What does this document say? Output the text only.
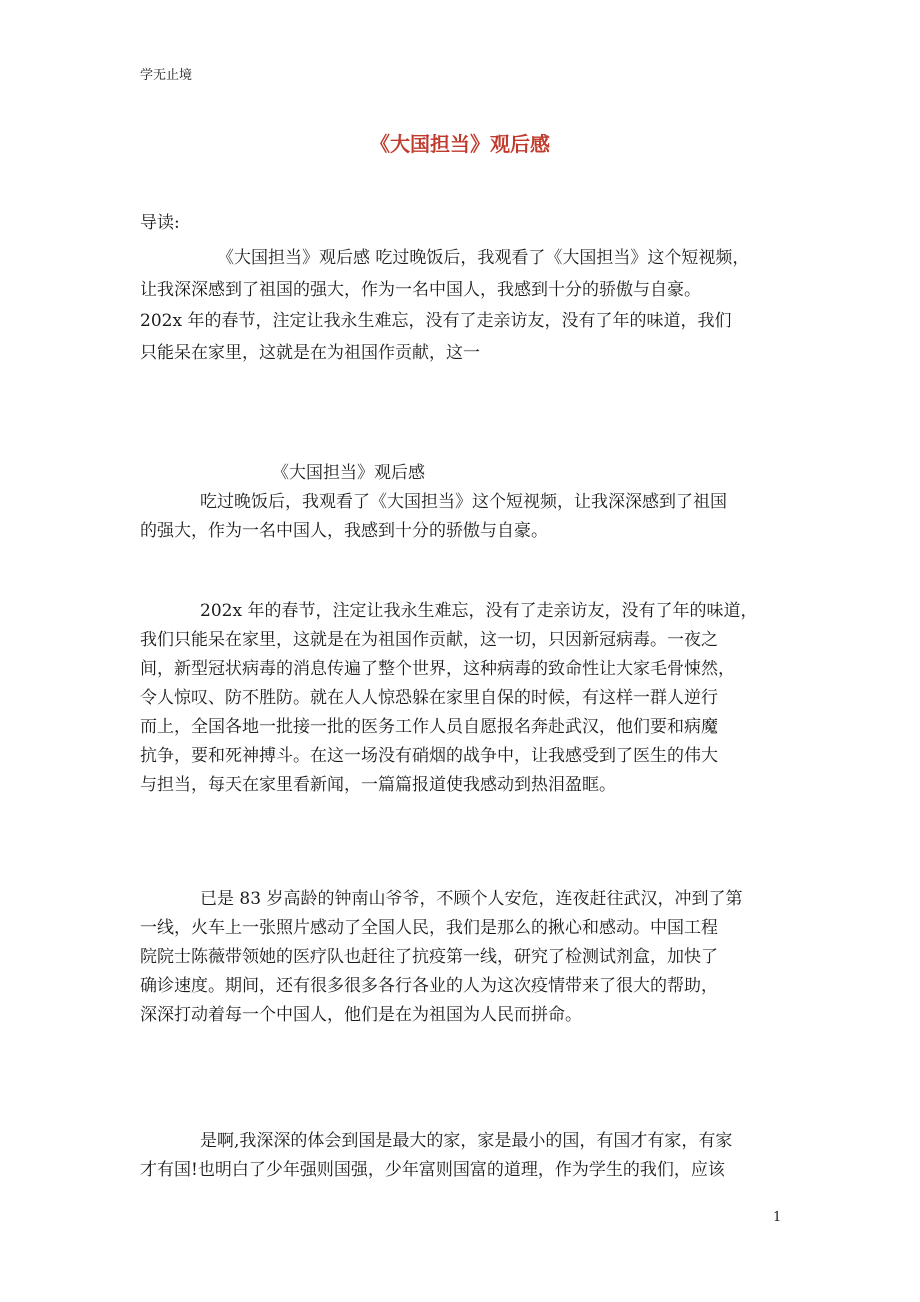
学无止境
《大国担当》观后感
导读:
《大国担当》观后感 吃过晚饭后，我观看了《大国担当》这个短视频，
让我深深感到了祖国的强大，作为一名中国人，我感到十分的骄傲与自豪。
202x 年的春节，注定让我永生难忘，没有了走亲访友，没有了年的味道，我们
只能呆在家里，这就是在为祖国作贡献，这一
《大国担当》观后感
吃过晚饭后，我观看了《大国担当》这个短视频，让我深深感到了祖国
的强大，作为一名中国人，我感到十分的骄傲与自豪。
202x 年的春节，注定让我永生难忘，没有了走亲访友，没有了年的味道，
我们只能呆在家里，这就是在为祖国作贡献，这一切，只因新冠病毒。一夜之
间，新型冠状病毒的消息传遍了整个世界，这种病毒的致命性让大家毛骨悚然，
令人惊叹、防不胜防。就在人人惊恐躲在家里自保的时候，有这样一群人逆行
而上，全国各地一批接一批的医务工作人员自愿报名奔赴武汉，他们要和病魔
抗争，要和死神搏斗。在这一场没有硝烟的战争中，让我感受到了医生的伟大
与担当，每天在家里看新闻，一篇篇报道使我感动到热泪盈眶。
已是 83 岁高龄的钟南山爷爷，不顾个人安危，连夜赶往武汉，冲到了第
一线，火车上一张照片感动了全国人民，我们是那么的揪心和感动。中国工程
院院士陈薇带领她的医疗队也赶往了抗疫第一线，研究了检测试剂盒，加快了
确诊速度。期间，还有很多很多各行各业的人为这次疫情带来了很大的帮助，
深深打动着每一个中国人，他们是在为祖国为人民而拼命。
是啊,我深深的体会到国是最大的家，家是最小的国，有国才有家，有家
才有国!也明白了少年强则国强，少年富则国富的道理，作为学生的我们，应该
1
